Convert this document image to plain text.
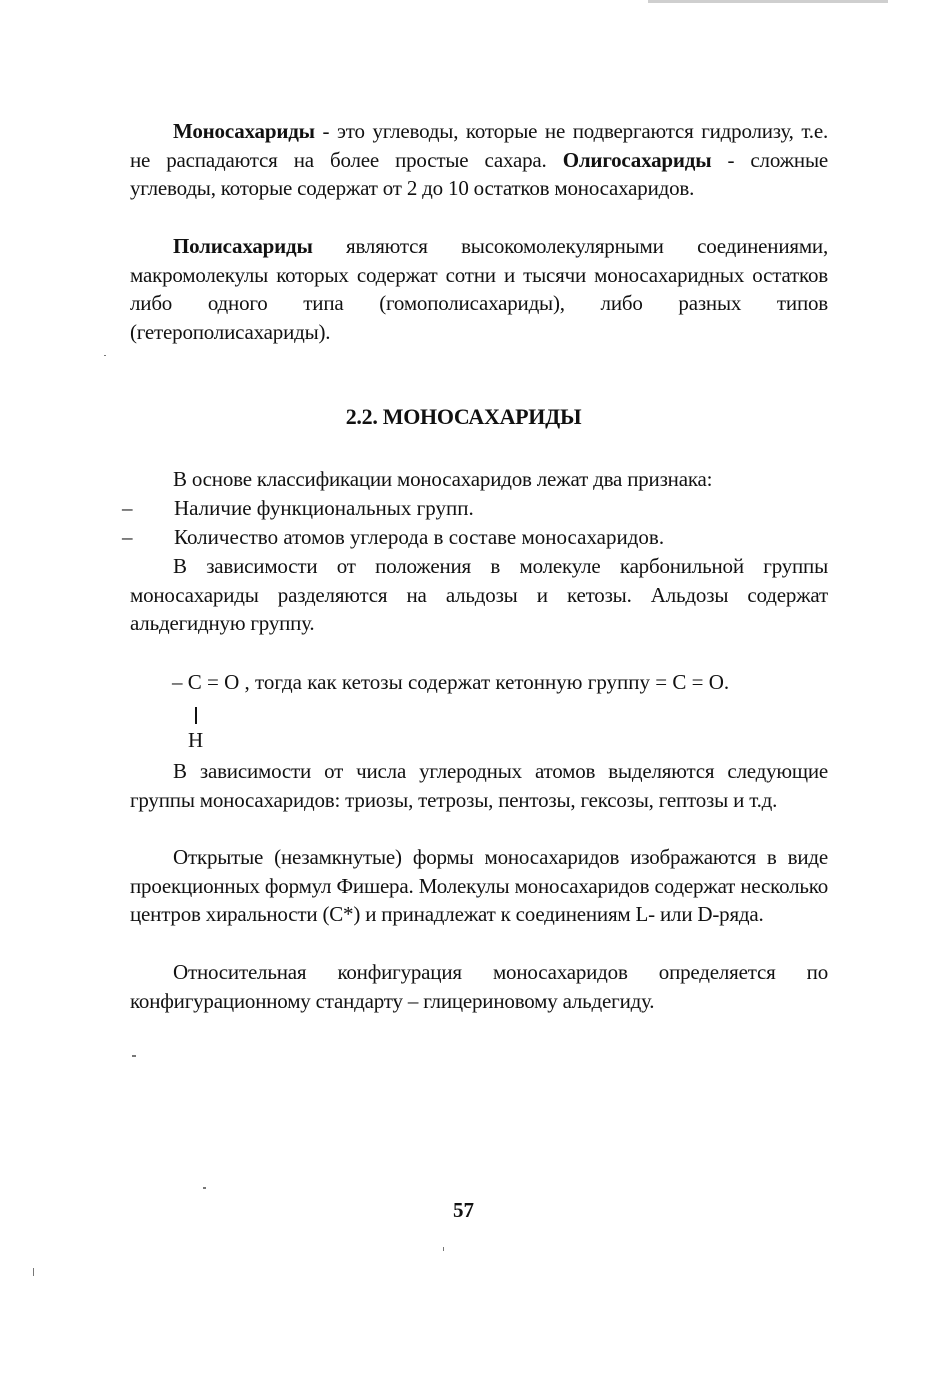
Моносахариды - это углеводы, которые не подвергаются гидролизу, т.е. не распадаются на более простые сахара. Олигосахариды - сложные углеводы, которые содержат от 2 до 10 остатков моносахаридов.
Полисахариды являются высокомолекулярными соединениями, макромолекулы которых содержат сотни и тысячи моносахаридных остатков либо одного типа (гомополисахариды), либо разных типов (гетерополисахариды).
2.2. МОНОСАХАРИДЫ
В основе классификации моносахаридов лежат два признака:
– Наличие функциональных групп.
– Количество атомов углерода в составе моносахаридов.
В зависимости от положения в молекуле карбонильной группы моносахариды разделяются на альдозы и кетозы. Альдозы содержат альдегидную группу.
– C = O , тогда как кетозы содержат кетонную группу = C = O.
H
В зависимости от числа углеродных атомов выделяются следующие группы моносахаридов: триозы, тетрозы, пентозы, гексозы, гептозы и т.д.
Открытые (незамкнутые) формы моносахаридов изображаются в виде проекционных формул Фишера. Молекулы моносахаридов содержат несколько центров хиральности (C*) и принадлежат к соединениям L- или D-ряда.
Относительная конфигурация моносахаридов определяется по конфигурационному стандарту – глицериновому альдегиду.
57
